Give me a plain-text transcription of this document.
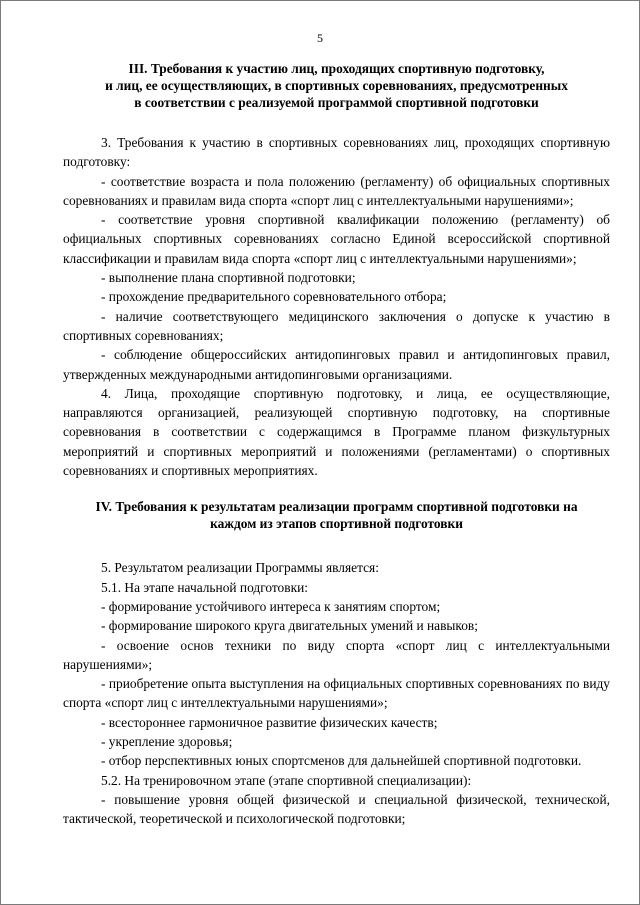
5
III. Требования к участию лиц, проходящих спортивную подготовку,
и лиц, ее осуществляющих, в спортивных соревнованиях, предусмотренных
в соответствии с реализуемой программой спортивной подготовки

3. Требования к участию в спортивных соревнованиях лиц, проходящих спортивную подготовку:

- соответствие возраста и пола положению (регламенту) об официальных спортивных соревнованиях и правилам вида спорта «спорт лиц с интеллектуальными нарушениями»;

- соответствие уровня спортивной квалификации положению (регламенту) об официальных спортивных соревнованиях согласно Единой всероссийской спортивной классификации и правилам вида спорта «спорт лиц с интеллектуальными нарушениями»;

- выполнение плана спортивной подготовки;

- прохождение предварительного соревновательного отбора;

- наличие соответствующего медицинского заключения о допуске к участию в спортивных соревнованиях;

- соблюдение общероссийских антидопинговых правил и антидопинговых правил, утвержденных международными антидопинговыми организациями.

4. Лица, проходящие спортивную подготовку, и лица, ее осуществляющие, направляются организацией, реализующей спортивную подготовку, на спортивные соревнования в соответствии с содержащимся в Программе планом физкультурных мероприятий и спортивных мероприятий и положениями (регламентами) о спортивных соревнованиях и спортивных мероприятиях.

IV. Требования к результатам реализации программ спортивной подготовки на
каждом из этапов спортивной подготовки

5. Результатом реализации Программы является:

5.1. На этапе начальной подготовки:

- формирование устойчивого интереса к занятиям спортом;

- формирование широкого круга двигательных умений и навыков;

- освоение основ техники по виду спорта «спорт лиц с интеллектуальными нарушениями»;

- приобретение опыта выступления на официальных спортивных соревнованиях по виду спорта «спорт лиц с интеллектуальными нарушениями»;

- всестороннее гармоничное развитие физических качеств;

- укрепление здоровья;

- отбор перспективных юных спортсменов для дальнейшей спортивной подготовки.

5.2. На тренировочном этапе (этапе спортивной специализации):

- повышение уровня общей физической и специальной физической, технической, тактической, теоретической и психологической подготовки;
